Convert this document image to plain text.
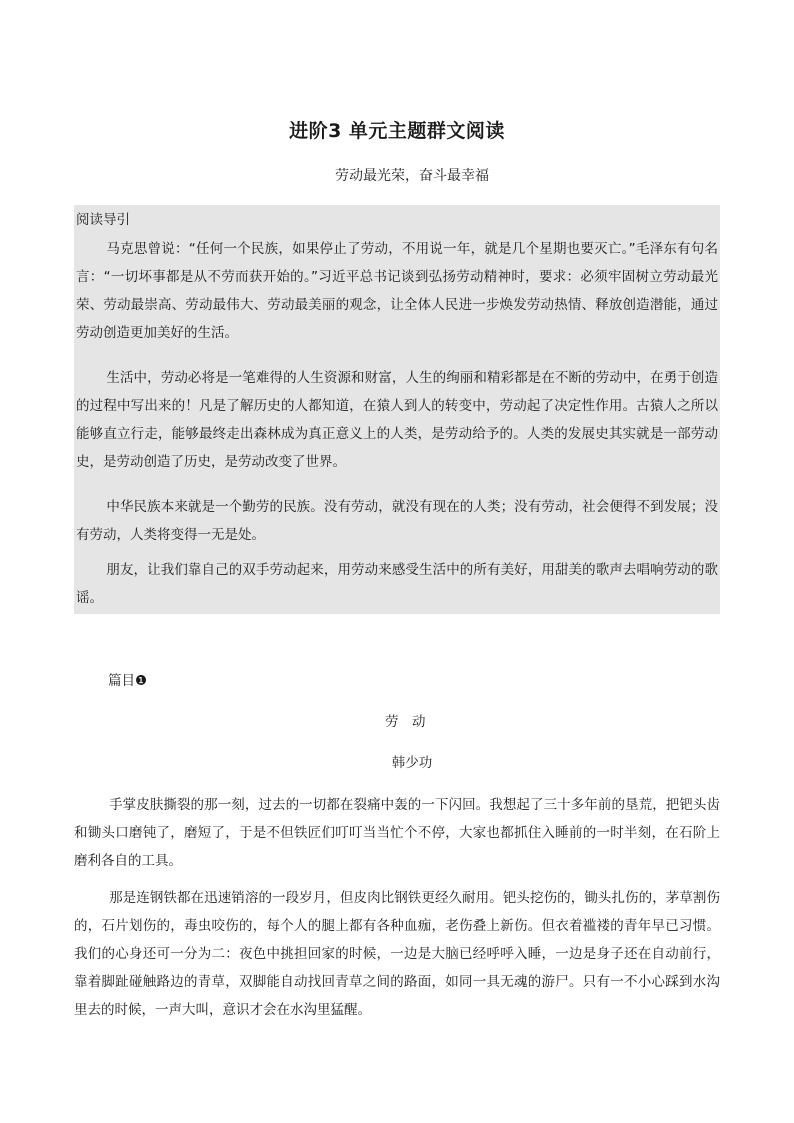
进阶3 单元主题群文阅读
劳动最光荣，奋斗最幸福
阅读导引

马克思曾说：“任何一个民族，如果停止了劳动，不用说一年，就是几个星期也要灭亡。”毛泽东有句名言：“一切坏事都是从不劳而获开始的。”习近平总书记谈到弘扬劳动精神时，要求：必须牢固树立劳动最光荣、劳动最崇高、劳动最伟大、劳动最美丽的观念，让全体人民进一步焕发劳动热情、释放创造潜能，通过劳动创造更加美好的生活。

生活中，劳动必将是一笔难得的人生资源和财富，人生的绚丽和精彩都是在不断的劳动中，在勇于创造的过程中写出来的！凡是了解历史的人都知道，在猿人到人的转变中，劳动起了决定性作用。古猿人之所以能够直立行走，能够最终走出森林成为真正意义上的人类，是劳动给予的。人类的发展史其实就是一部劳动史，是劳动创造了历史，是劳动改变了世界。

中华民族本来就是一个勤劳的民族。没有劳动，就没有现在的人类；没有劳动，社会便得不到发展；没有劳动，人类将变得一无是处。

朋友，让我们靠自己的双手劳动起来，用劳动来感受生活中的所有美好，用甜美的歌声去唱响劳动的歌谣。

篇目❶
劳动
韩少功

手掌皮肤撕裂的那一刻，过去的一切都在裂痛中轰的一下闪回。我想起了三十多年前的垦荒，把钯头齿和锄头口磨钝了，磨短了，于是不但铁匠们叮叮当当忙个不停，大家也都抓住入睡前的一时半刻，在石阶上磨利各自的工具。

那是连钢铁都在迅速销溶的一段岁月，但皮肉比钢铁更经久耐用。钯头挖伤的，锄头扎伤的，茅草割伤的，石片划伤的，毒虫咬伤的，每个人的腿上都有各种血痂，老伤叠上新伤。但衣着褴褛的青年早已习惯。我们的心身还可一分为二：夜色中挑担回家的时候，一边是大脑已经呼呼入睡，一边是身子还在自动前行，靠着脚趾碰触路边的青草，双脚能自动找回青草之间的路面，如同一具无魂的游尸。只有一不小心踩到水沟里去的时候，一声大叫，意识才会在水沟里猛醒。
